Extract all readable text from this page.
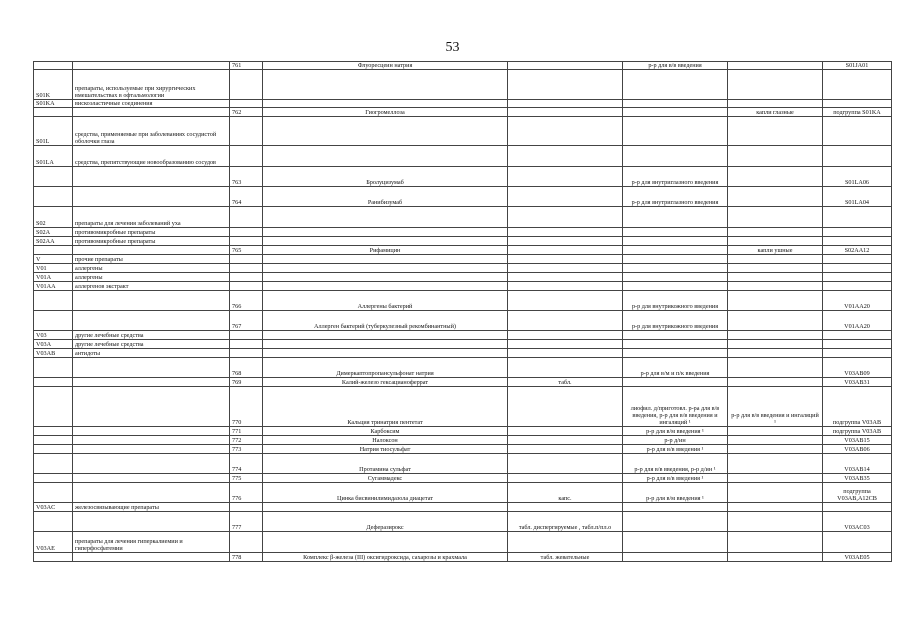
53
		761	Флуоресцеин натрия		р-р для в/в введения		S01JA01
S01K	препараты, используемые при хирургических вмешательствах в офтальмологии						
S01KA	вискоэластичные соединения						
		762	Гиогромеллоза			капли глазные	подгруппа S01KA
S01L	средства, применяемые при заболеваниях сосудистой оболочки глаза						
S01LA	средства, препятствующие новообразованию сосудов						
		763	Бролуцизумаб		р-р для внутриглазного введения		S01LA06
		764	Ранибизумаб		р-р для внутриглазного введения		S01LA04
S02	препараты для лечения заболеваний уха						
S02A	противомикробные препараты						
S02AA	противомикробные препараты						
		765	Рифамицин			капли ушные	S02AA12
V	прочие препараты						
V01	аллергены						
V01A	аллергены						
V01AA	аллергенов экстракт						
		766	Аллергены бактерий		р-р для внутрикожного введения		V01AA20
		767	Аллерген бактерий (туберкулезный рекомбинантный)		р-р для внутрикожного введения		V01AA20
V03	другие лечебные средства						
V03A	другие лечебные средства						
V03AB	антидоты						
		768	Димеркаптопропансульфонат натрия		р-р для в/м и п/к введения		V03AB09
		769	Калий-железо гексацианоферрат	табл.			V03AB31
		770	Кальция тринатрия пентетат		лиофил. д/приготовл. р-ра для в/в введения, р-р для в/в введения и ингаляций ¹	р-р для в/в введения и ингаляций ¹	подгруппа V03AB
		771	Карбоксим		р-р для в/м введения ¹		подгруппа V03AB
		772	Налоксон		р-р д/ин		V03AB15
		773	Натрия тиосульфат		р-р для в/в введения ¹		V03AB06
		774	Протамина сульфат		р-р для в/в введения, р-р д/ин ¹		V03AB14
		775	Сугаммадекс		р-р для в/в введения ¹		V03AB35
		776	Цинка бисвинилимидазола диацетат	капс.	р-р для в/м введения ¹		подгруппа V03AB,A12CB
V03AC	железосвязывающие препараты						
		777	Деферазирокс	табл. диспергируемые , табл.п/пл.о			V03AC03
V03AE	препараты для лечения гиперкалиемии и гиперфосфатемии						
		778	Комплекс β-железа (III) оксигидроксида, сахарозы и крахмала	табл. жевательные			V03AE05
